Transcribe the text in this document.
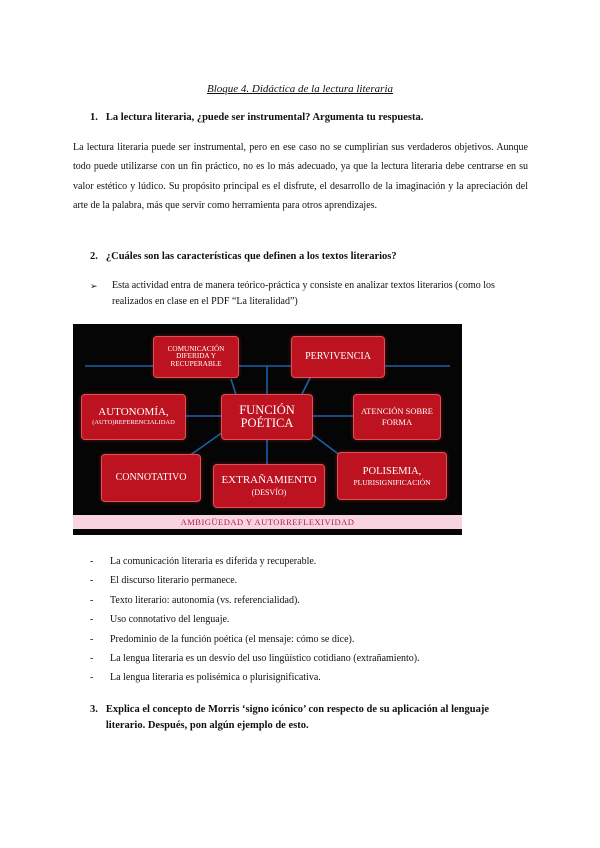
Bloque 4. Didáctica de la lectura literaria
1. La lectura literaria, ¿puede ser instrumental? Argumenta tu respuesta.
La lectura literaria puede ser instrumental, pero en ese caso no se cumplirían sus verdaderos objetivos. Aunque todo puede utilizarse con un fin práctico, no es lo más adecuado, ya que la lectura literaria debe centrarse en su valor estético y lúdico. Su propósito principal es el disfrute, el desarrollo de la imaginación y la apreciación del arte de la palabra, más que servir como herramienta para otros aprendizajes.
2. ¿Cuáles son las características que definen a los textos literarios?
➢	Esta actividad entra de manera teórico-práctica y consiste en analizar textos literarios (como los realizados en clase en el PDF “La literalidad”)
COMUNICACIÓN DIFERIDA Y RECUPERABLE
PERVIVENCIA
FUNCIÓN POÉTICA
AUTONOMÍA,
(AUTO)REFERENCIALIDAD
ATENCIÓN SOBRE FORMA
CONNOTATIVO	EXTRAÑAMIENTO
(DESVÍO)
POLISEMIA,
PLURISIGNIFICACIÓN
AMBIGÜEDAD Y AUTORREFLEXIVIDAD
-	La comunicación literaria es diferida y recuperable.
-	El discurso literario permanece.
-	Texto literario: autonomía (vs. referencialidad).
-	Uso connotativo del lenguaje.
-	Predominio de la función poética (el mensaje: cómo se dice).
-	La lengua literaria es un desvío del uso lingüístico cotidiano (extrañamiento).
-	La lengua literaria es polisémica o plurisignificativa.
3. Explica el concepto de Morris ‘signo icónico’ con respecto de su aplicación al lenguaje literario. Después, pon algún ejemplo de esto.
